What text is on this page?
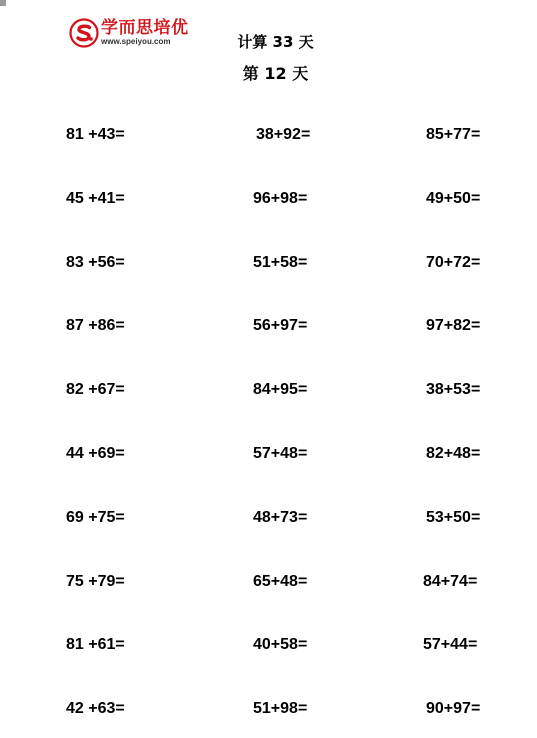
学而思培优
www.speiyou.com	计算 33 天
第 12 天
81 +43=	38+92=	85+77=
45 +41=	96+98=	49+50=
83 +56=	51+58=	70+72=
87 +86=	56+97=	97+82=
82 +67=	84+95=	38+53=
44 +69=	57+48=	82+48=
69 +75=	48+73=	53+50=
75 +79=	65+48=	84+74=
81 +61=	40+58=	57+44=
42 +63=	51+98=	90+97=
